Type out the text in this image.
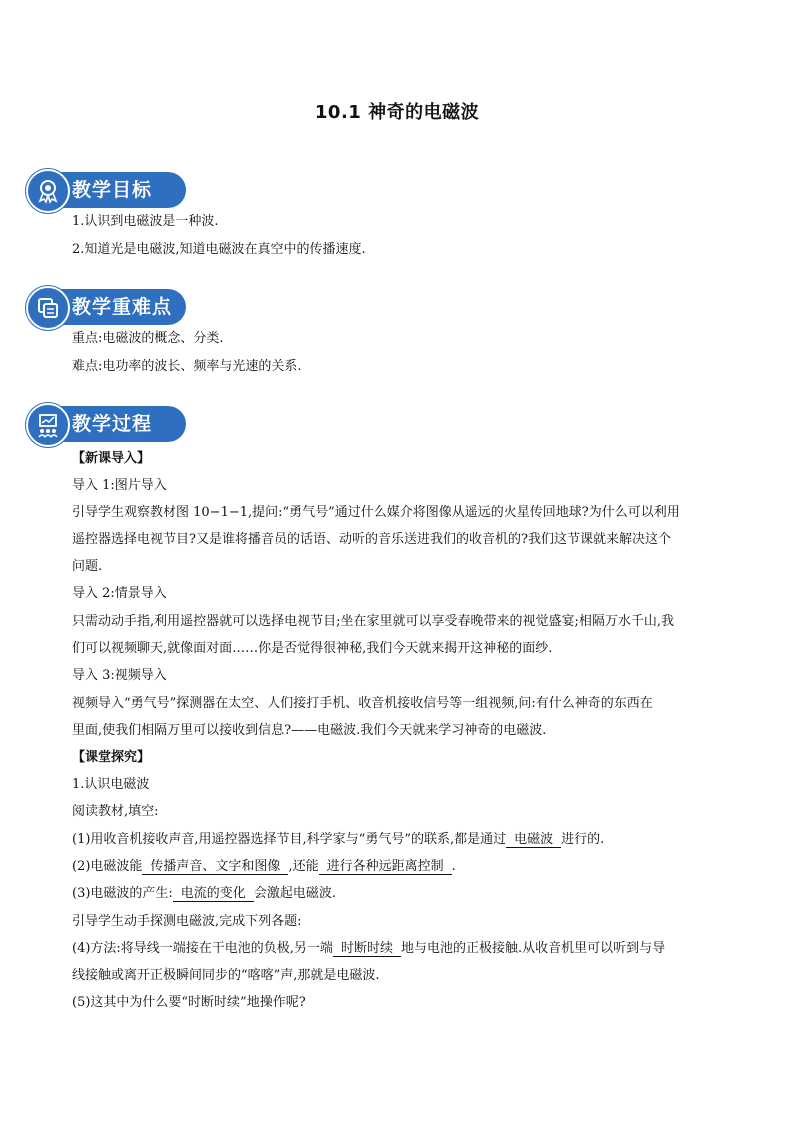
10.1 神奇的电磁波
教学目标
1.认识到电磁波是一种波.
2.知道光是电磁波,知道电磁波在真空中的传播速度.
教学重难点
重点:电磁波的概念、分类.
难点:电功率的波长、频率与光速的关系.
教学过程
【新课导入】
导入 1:图片导入
引导学生观察教材图 10−1−1,提问:“勇气号”通过什么媒介将图像从遥远的火星传回地球?为什么可以利用
遥控器选择电视节目?又是谁将播音员的话语、动听的音乐送进我们的收音机的?我们这节课就来解决这个
问题.
导入 2:情景导入
只需动动手指,利用遥控器就可以选择电视节目;坐在家里就可以享受春晚带来的视觉盛宴;相隔万水千山,我
们可以视频聊天,就像面对面……你是否觉得很神秘,我们今天就来揭开这神秘的面纱.
导入 3:视频导入
视频导入“勇气号”探测器在太空、人们接打手机、收音机接收信号等一组视频,问:有什么神奇的东西在
里面,使我们相隔万里可以接收到信息?——电磁波.我们今天就来学习神奇的电磁波.
【课堂探究】
1.认识电磁波
阅读教材,填空:
(1)用收音机接收声音,用遥控器选择节目,科学家与“勇气号”的联系,都是通过 电磁波 进行的.
(2)电磁波能 传播声音、文字和图像 ,还能 进行各种远距离控制 .
(3)电磁波的产生: 电流的变化 会激起电磁波.
引导学生动手探测电磁波,完成下列各题:
(4)方法:将导线一端接在干电池的负极,另一端 时断时续 地与电池的正极接触.从收音机里可以听到与导
线接触或离开正极瞬间同步的“喀喀”声,那就是电磁波.
(5)这其中为什么要“时断时续”地操作呢?
